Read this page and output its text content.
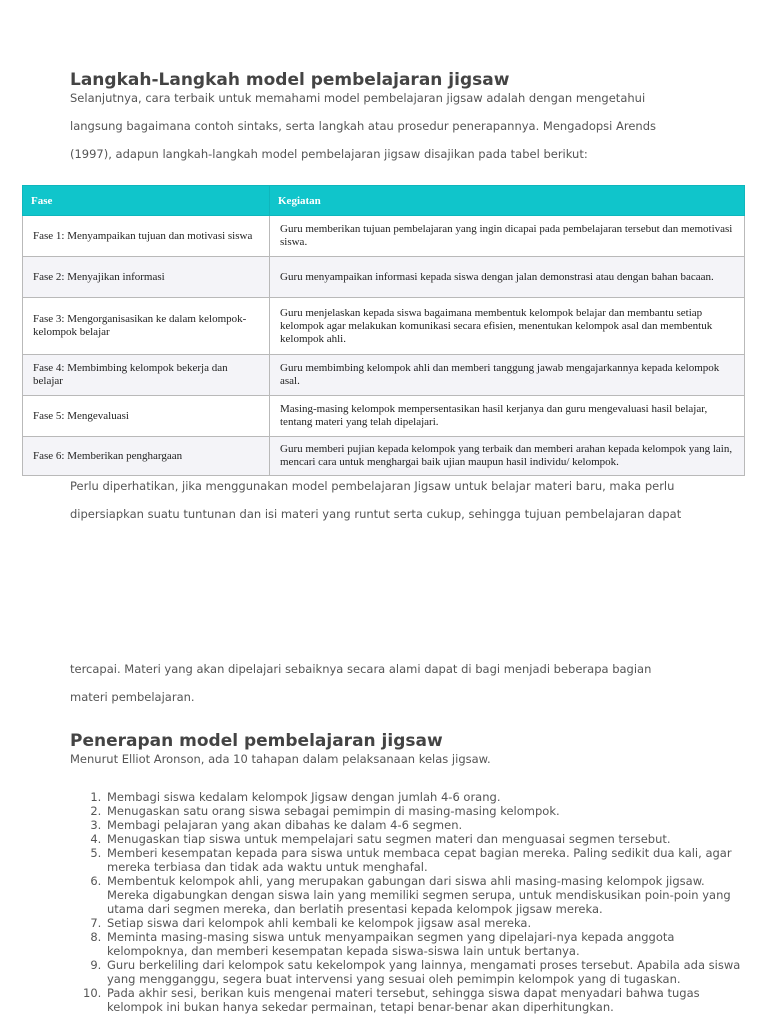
Langkah-Langkah model pembelajaran jigsaw
Selanjutnya, cara terbaik untuk memahami model pembelajaran jigsaw adalah dengan mengetahui
langsung bagaimana contoh sintaks, serta langkah atau prosedur penerapannya. Mengadopsi Arends
(1997), adapun langkah-langkah model pembelajaran jigsaw disajikan pada tabel berikut:
Fase	Kegiatan
Fase 1: Menyampaikan tujuan dan motivasi siswa	Guru memberikan tujuan pembelajaran yang ingin dicapai pada pembelajaran tersebut dan memotivasi siswa.
Fase 2: Menyajikan informasi	Guru menyampaikan informasi kepada siswa dengan jalan demonstrasi atau dengan bahan bacaan.
Fase 3: Mengorganisasikan ke dalam kelompok-kelompok belajar	Guru menjelaskan kepada siswa bagaimana membentuk kelompok belajar dan membantu setiap kelompok agar melakukan komunikasi secara efisien, menentukan kelompok asal dan membentuk kelompok ahli.
Fase 4: Membimbing kelompok bekerja dan belajar	Guru membimbing kelompok ahli dan memberi tanggung jawab mengajarkannya kepada kelompok asal.
Fase 5: Mengevaluasi	Masing-masing kelompok mempersentasikan hasil kerjanya dan guru mengevaluasi hasil belajar, tentang materi yang telah dipelajari.
Fase 6: Memberikan penghargaan	Guru memberi pujian kepada kelompok yang terbaik dan memberi arahan kepada kelompok yang lain, mencari cara untuk menghargai baik ujian maupun hasil individu/ kelompok.
Perlu diperhatikan, jika menggunakan model pembelajaran Jigsaw untuk belajar materi baru, maka perlu
dipersiapkan suatu tuntunan dan isi materi yang runtut serta cukup, sehingga tujuan pembelajaran dapat
tercapai. Materi yang akan dipelajari sebaiknya secara alami dapat di bagi menjadi beberapa bagian
materi pembelajaran.
Penerapan model pembelajaran jigsaw

Menurut Elliot Aronson, ada 10 tahapan dalam pelaksanaan kelas jigsaw.

1. Membagi siswa kedalam kelompok Jigsaw dengan jumlah 4-6 orang.
2. Menugaskan satu orang siswa sebagai pemimpin di masing-masing kelompok.
3. Membagi pelajaran yang akan dibahas ke dalam 4-6 segmen.
4. Menugaskan tiap siswa untuk mempelajari satu segmen materi dan menguasai segmen tersebut.
5. Memberi kesempatan kepada para siswa untuk membaca cepat bagian mereka. Paling sedikit dua kali, agar mereka terbiasa dan tidak ada waktu untuk menghafal.
6. Membentuk kelompok ahli, yang merupakan gabungan dari siswa ahli masing-masing kelompok jigsaw. Mereka digabungkan dengan siswa lain yang memiliki segmen serupa, untuk mendiskusikan poin-poin yang utama dari segmen mereka, dan berlatih presentasi kepada kelompok jigsaw mereka.
7. Setiap siswa dari kelompok ahli kembali ke kelompok jigsaw asal mereka.
8. Meminta masing-masing siswa untuk menyampaikan segmen yang dipelajari-nya kepada anggota kelompoknya, dan memberi kesempatan kepada siswa-siswa lain untuk bertanya.
9. Guru berkeliling dari kelompok satu kekelompok yang lainnya, mengamati proses tersebut. Apabila ada siswa yang mengganggu, segera buat intervensi yang sesuai oleh pemimpin kelompok yang di tugaskan.
10. Pada akhir sesi, berikan kuis mengenai materi tersebut, sehingga siswa dapat menyadari bahwa tugas kelompok ini bukan hanya sekedar permainan, tetapi benar-benar akan diperhitungkan.
